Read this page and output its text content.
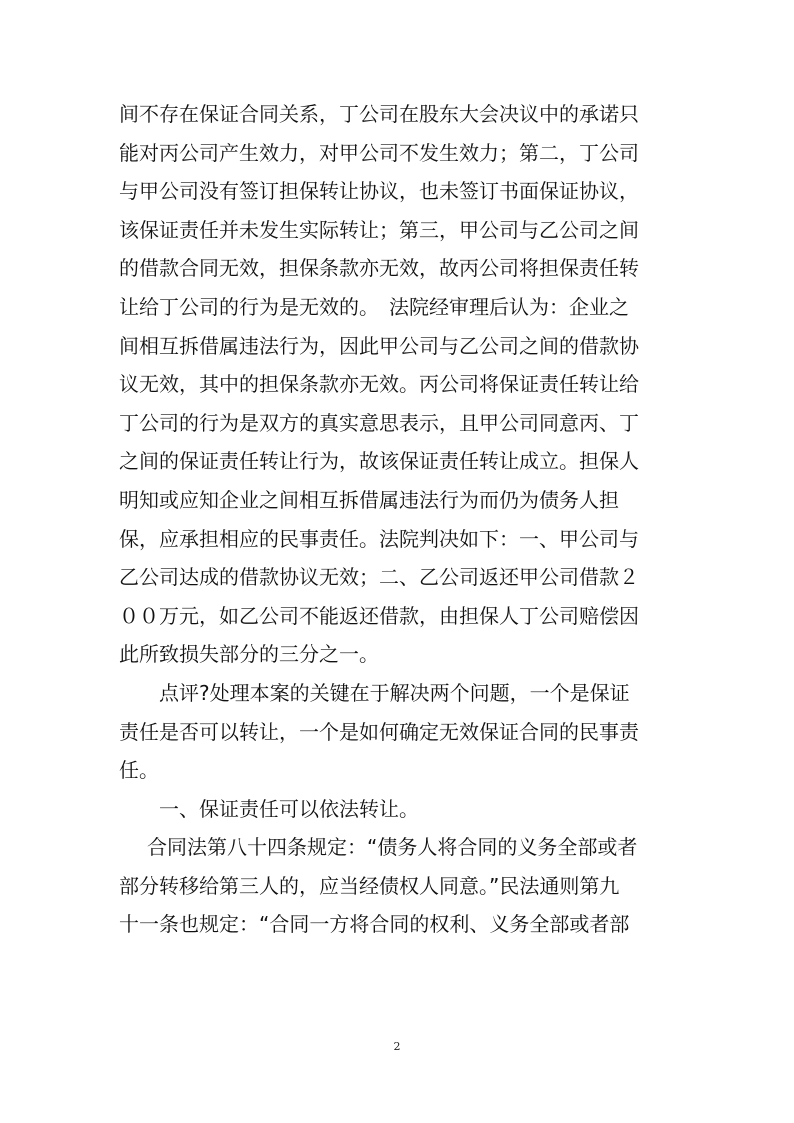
间不存在保证合同关系，丁公司在股东大会决议中的承诺只
能对丙公司产生效力，对甲公司不发生效力；第二，丁公司
与甲公司没有签订担保转让协议，也未签订书面保证协议，
该保证责任并未发生实际转让；第三，甲公司与乙公司之间
的借款合同无效，担保条款亦无效，故丙公司将担保责任转
让给丁公司的行为是无效的。　法院经审理后认为：企业之
间相互拆借属违法行为，因此甲公司与乙公司之间的借款协
议无效，其中的担保条款亦无效。丙公司将保证责任转让给
丁公司的行为是双方的真实意思表示，且甲公司同意丙、丁
之间的保证责任转让行为，故该保证责任转让成立。担保人
明知或应知企业之间相互拆借属违法行为而仍为债务人担
保，应承担相应的民事责任。法院判决如下：一、甲公司与
乙公司达成的借款协议无效；二、乙公司返还甲公司借款２
００万元，如乙公司不能返还借款，由担保人丁公司赔偿因
此所致损失部分的三分之一。
点评?处理本案的关键在于解决两个问题，一个是保证
责任是否可以转让，一个是如何确定无效保证合同的民事责
任。
一、保证责任可以依法转让。
合同法第八十四条规定：“债务人将合同的义务全部或者
部分转移给第三人的，应当经债权人同意。”民法通则第九
十一条也规定：“合同一方将合同的权利、义务全部或者部
2
